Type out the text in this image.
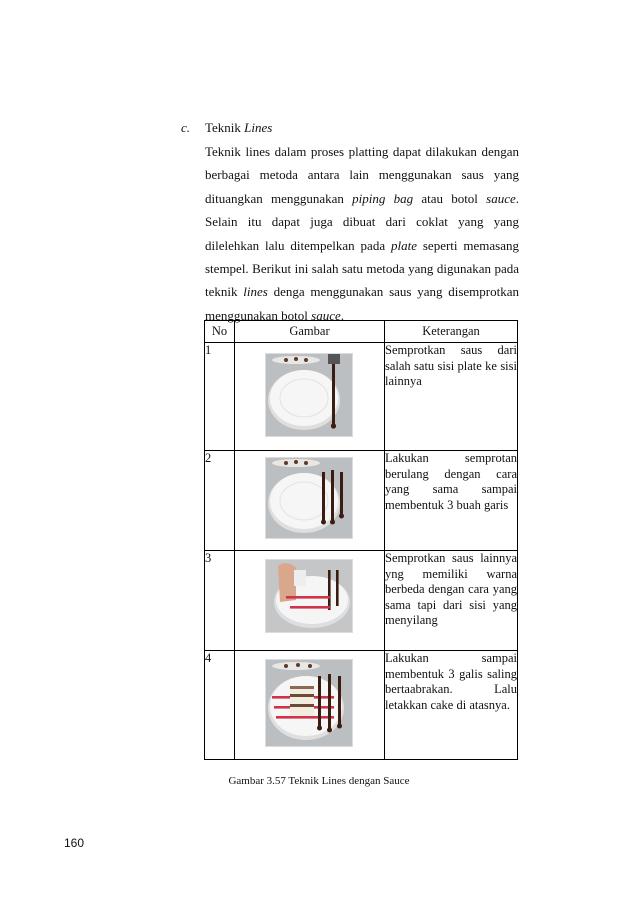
c. Teknik Lines

Teknik lines dalam proses platting dapat dilakukan dengan berbagai metoda antara lain menggunakan saus yang dituangkan menggunakan piping bag atau botol sauce. Selain itu dapat juga dibuat dari coklat yang yang dilelehkan lalu ditempelkan pada plate seperti memasang stempel. Berikut ini salah satu metoda yang digunakan pada teknik lines denga menggunakan saus yang disemprotkan menggunakan botol sauce.

No	Gambar	Keterangan
1		Semprotkan saus dari salah satu sisi plate ke sisi lainnya
2		Lakukan semprotan berulang dengan cara yang sama sampai membentuk 3 buah garis
3		Semprotkan saus lainnya yng memiliki warna berbeda dengan cara yang sama tapi dari sisi yang menyilang
4		Lakukan sampai membentuk 3 galis saling bertaabrakan. Lalu letakkan cake di atasnya.
Gambar 3.57 Teknik Lines dengan Sauce
160
